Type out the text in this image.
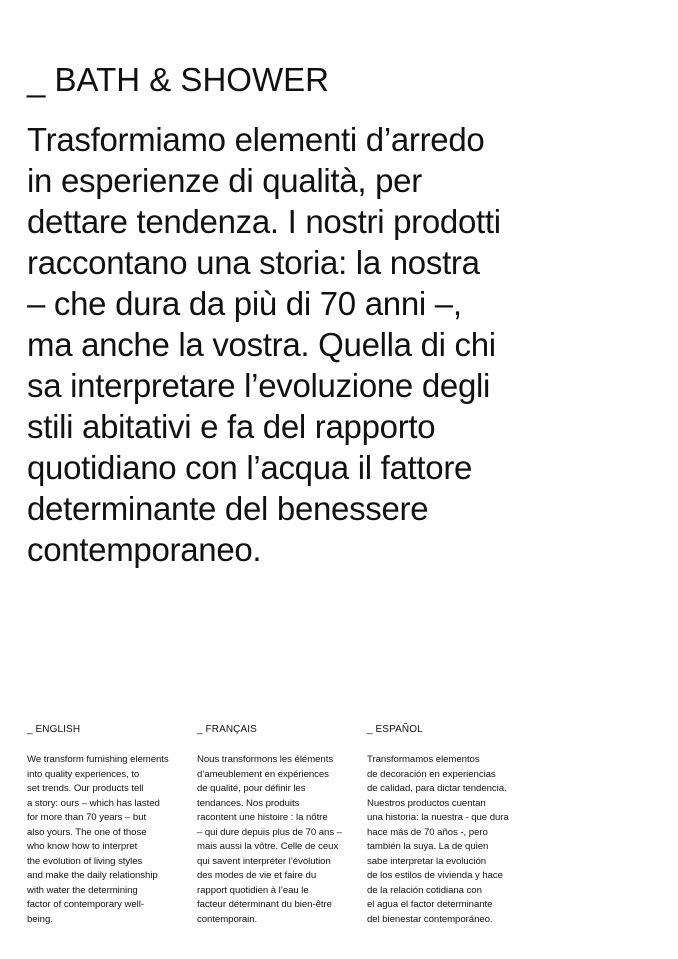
_ BATH & SHOWER
Trasformiamo elementi d’arredo
in esperienze di qualità, per
dettare tendenza. I nostri prodotti
raccontano una storia: la nostra
– che dura da più di 70 anni –,
ma anche la vostra. Quella di chi
sa interpretare l’evoluzione degli
stili abitativi e fa del rapporto
quotidiano con l’acqua il fattore
determinante del benessere
contemporaneo.
_ ENGLISH
We transform furnishing elements
into quality experiences, to
set trends. Our products tell
a story: ours – which has lasted
for more than 70 years – but
also yours. The one of those
who know how to interpret
the evolution of living styles
and make the daily relationship
with water the determining
factor of contemporary well-
being.
_ FRANÇAIS
Nous transformons les éléments
d’ameublement en expériences
de qualité, pour définir les
tendances. Nos produits
racontent une histoire : la nôtre
– qui dure depuis plus de 70 ans –
mais aussi la vôtre. Celle de ceux
qui savent interpréter l’évolution
des modes de vie et faire du
rapport quotidien à l’eau le
facteur déterminant du bien-être
contemporain.
_ ESPAÑOL
Transformamos elementos
de decoración en experiencias
de calidad, para dictar tendencia.
Nuestros productos cuentan
una historia: la nuestra - que dura
hace más de 70 años -, pero
también la suya. La de quien
sabe interpretar la evolución
de los estilos de vivienda y hace
de la relación cotidiana con
el agua el factor determinante
del bienestar contemporáneo.
